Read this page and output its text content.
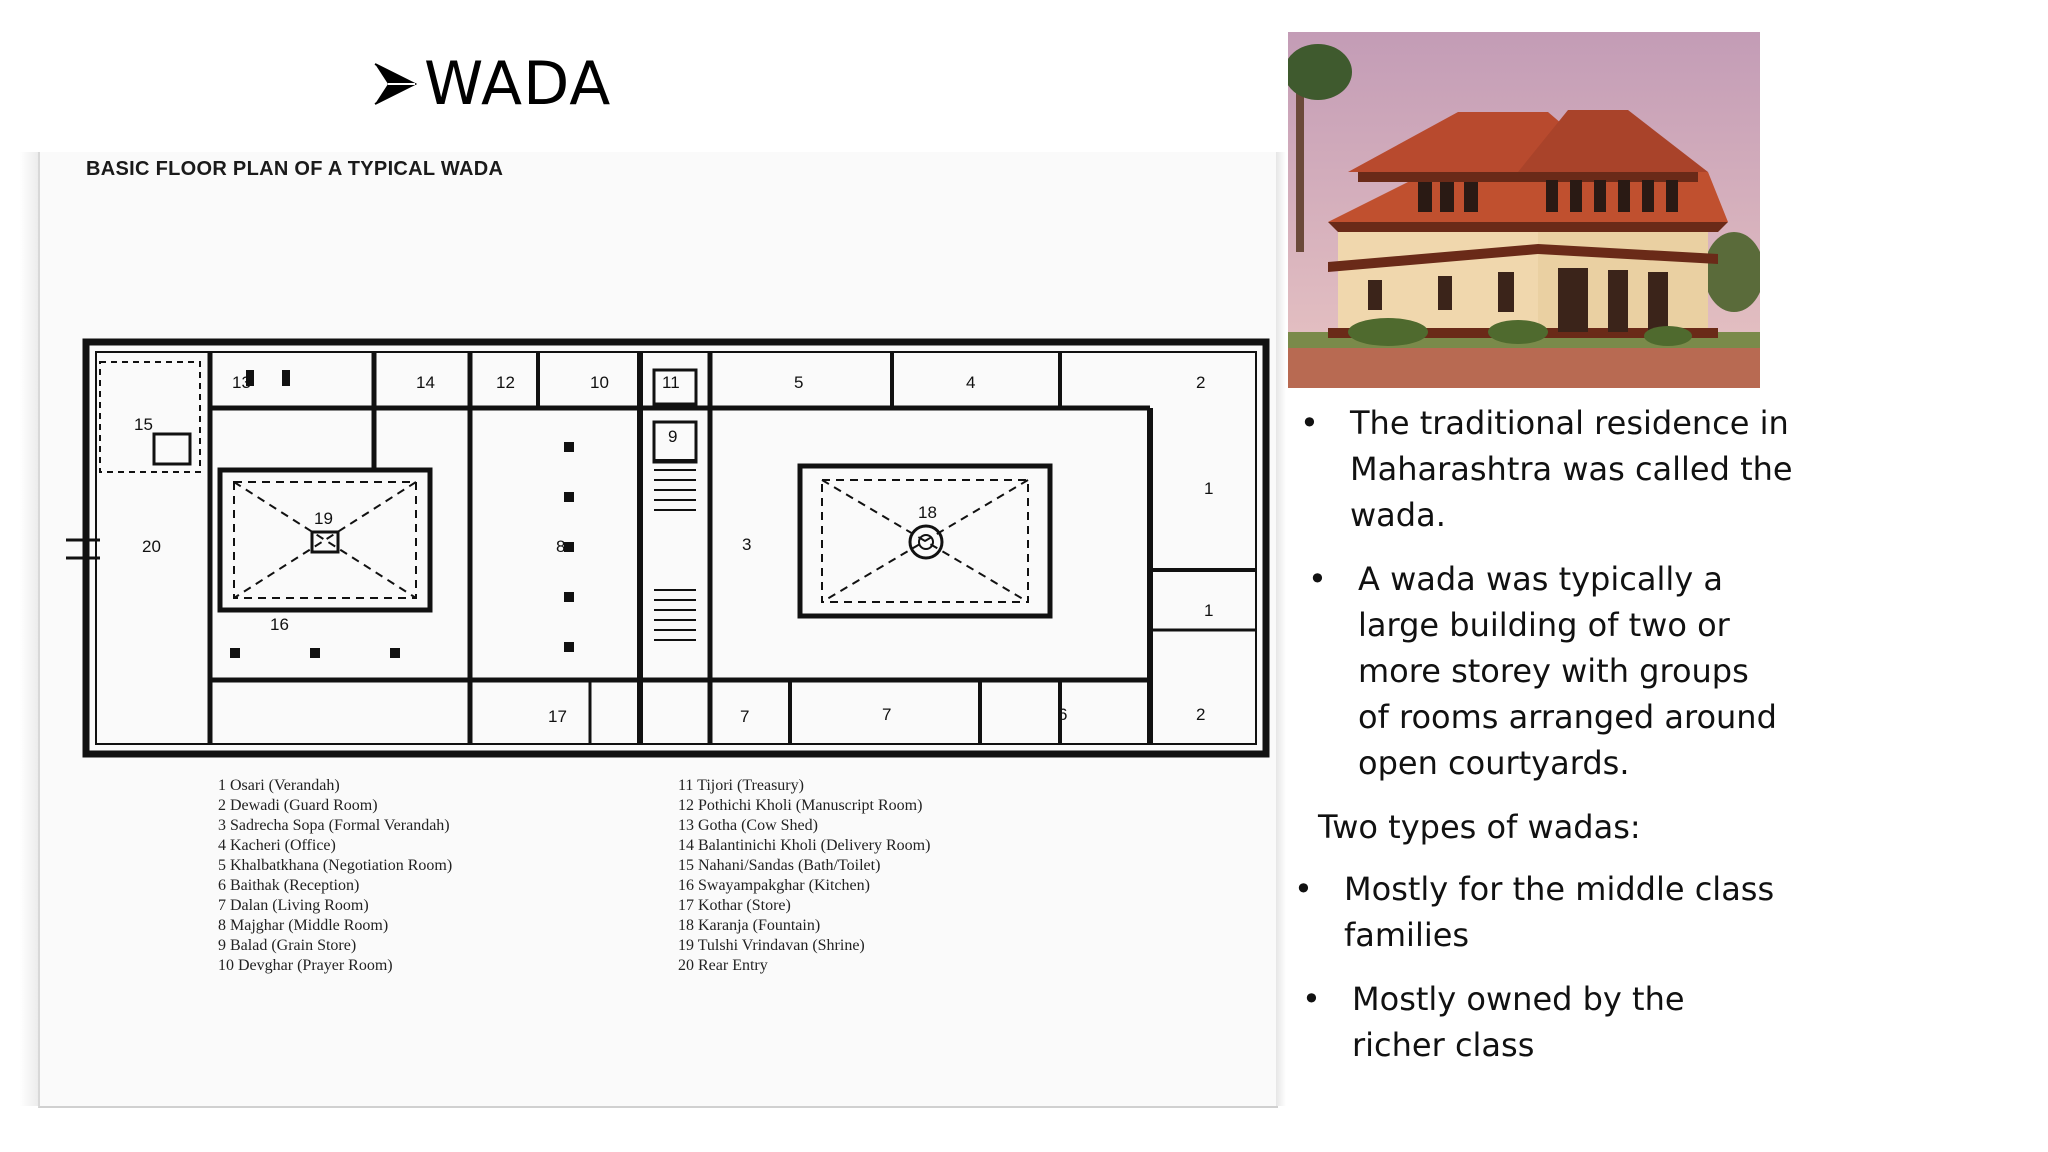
WADA
BASIC FLOOR PLAN OF A TYPICAL WADA
13	14	12	10	11	5	4	2
15
9
1
19
20	8	3
18
1
16
17	7	7	6	2
1 Osari (Verandah)
2 Dewadi (Guard Room)
3 Sadrecha Sopa (Formal Verandah)
4 Kacheri (Office)
5 Khalbatkhana (Negotiation Room)
6 Baithak (Reception)
7 Dalan (Living Room)
8 Majghar (Middle Room)
9 Balad (Grain Store)
10 Devghar (Prayer Room)
11 Tijori (Treasury)
12 Pothichi Kholi (Manuscript Room)
13 Gotha (Cow Shed)
14 Balantinichi Kholi (Delivery Room)
15 Nahani/Sandas (Bath/Toilet)
16 Swayampakghar (Kitchen)
17 Kothar (Store)
18 Karanja (Fountain)
19 Tulshi Vrindavan (Shrine)
20 Rear Entry
• The traditional residence in
Maharashtra was called the
wada.
• A wada was typically a
large building of two or
more storey with groups
of rooms arranged around
open courtyards.
Two types of wadas:
• Mostly for the middle class
families
• Mostly owned by the
richer class
